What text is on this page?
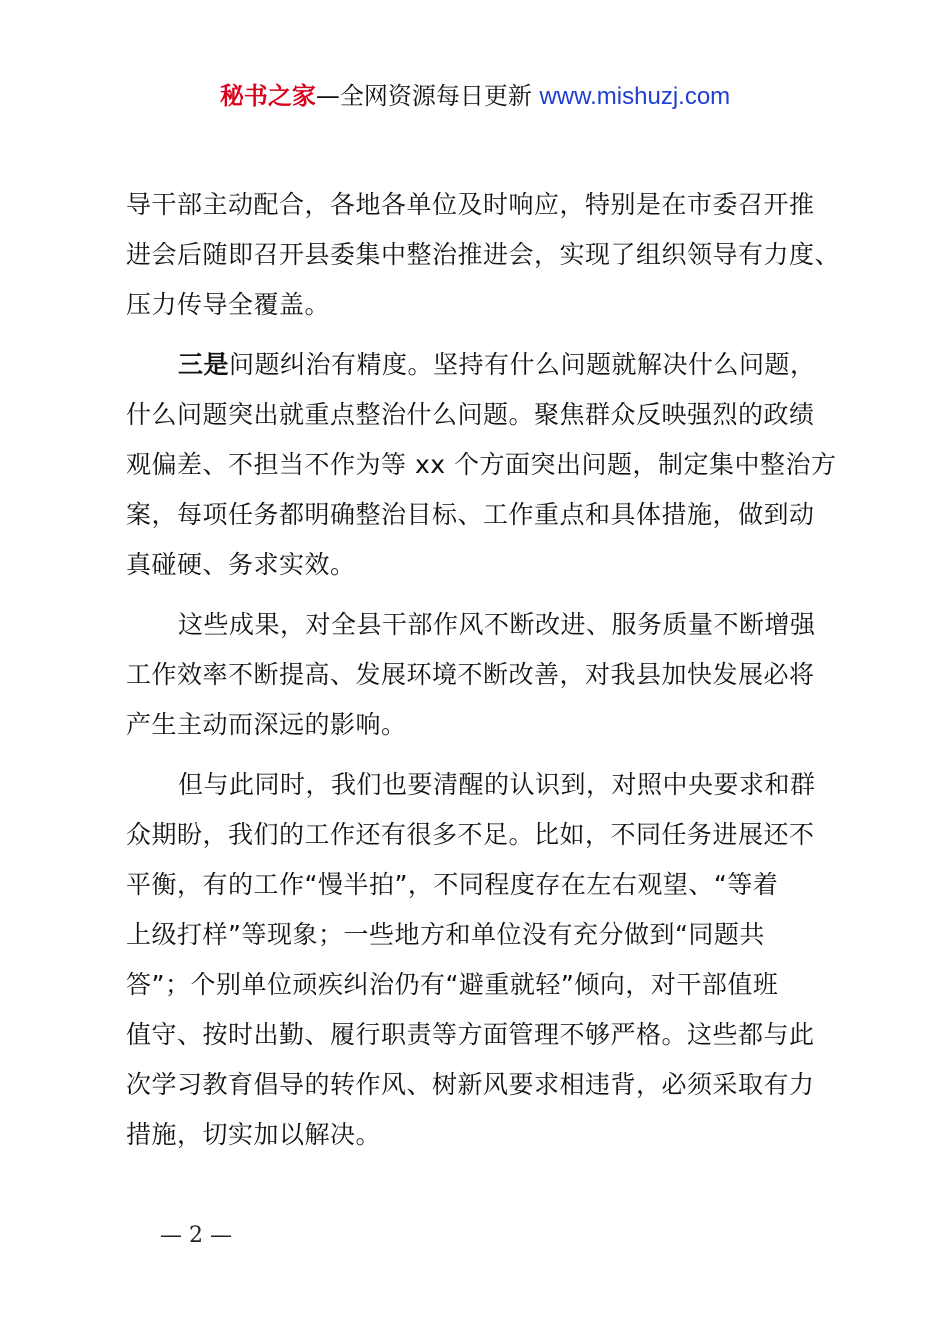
秘书之家—全网资源每日更新 www.mishuzj.com
导干部主动配合，各地各单位及时响应，特别是在市委召开推
进会后随即召开县委集中整治推进会，实现了组织领导有力度、
压力传导全覆盖。
三是问题纠治有精度。坚持有什么问题就解决什么问题，
什么问题突出就重点整治什么问题。聚焦群众反映强烈的政绩
观偏差、不担当不作为等 xx 个方面突出问题，制定集中整治方
案，每项任务都明确整治目标、工作重点和具体措施，做到动
真碰硬、务求实效。
这些成果，对全县干部作风不断改进、服务质量不断增强
工作效率不断提高、发展环境不断改善，对我县加快发展必将
产生主动而深远的影响。
但与此同时，我们也要清醒的认识到，对照中央要求和群
众期盼，我们的工作还有很多不足。比如，不同任务进展还不
平衡，有的工作“慢半拍”，不同程度存在左右观望、“等着
上级打样”等现象；一些地方和单位没有充分做到“同题共
答”；个别单位顽疾纠治仍有“避重就轻”倾向，对干部值班
值守、按时出勤、履行职责等方面管理不够严格。这些都与此
次学习教育倡导的转作风、树新风要求相违背，必须采取有力
措施，切实加以解决。
— 2 —
